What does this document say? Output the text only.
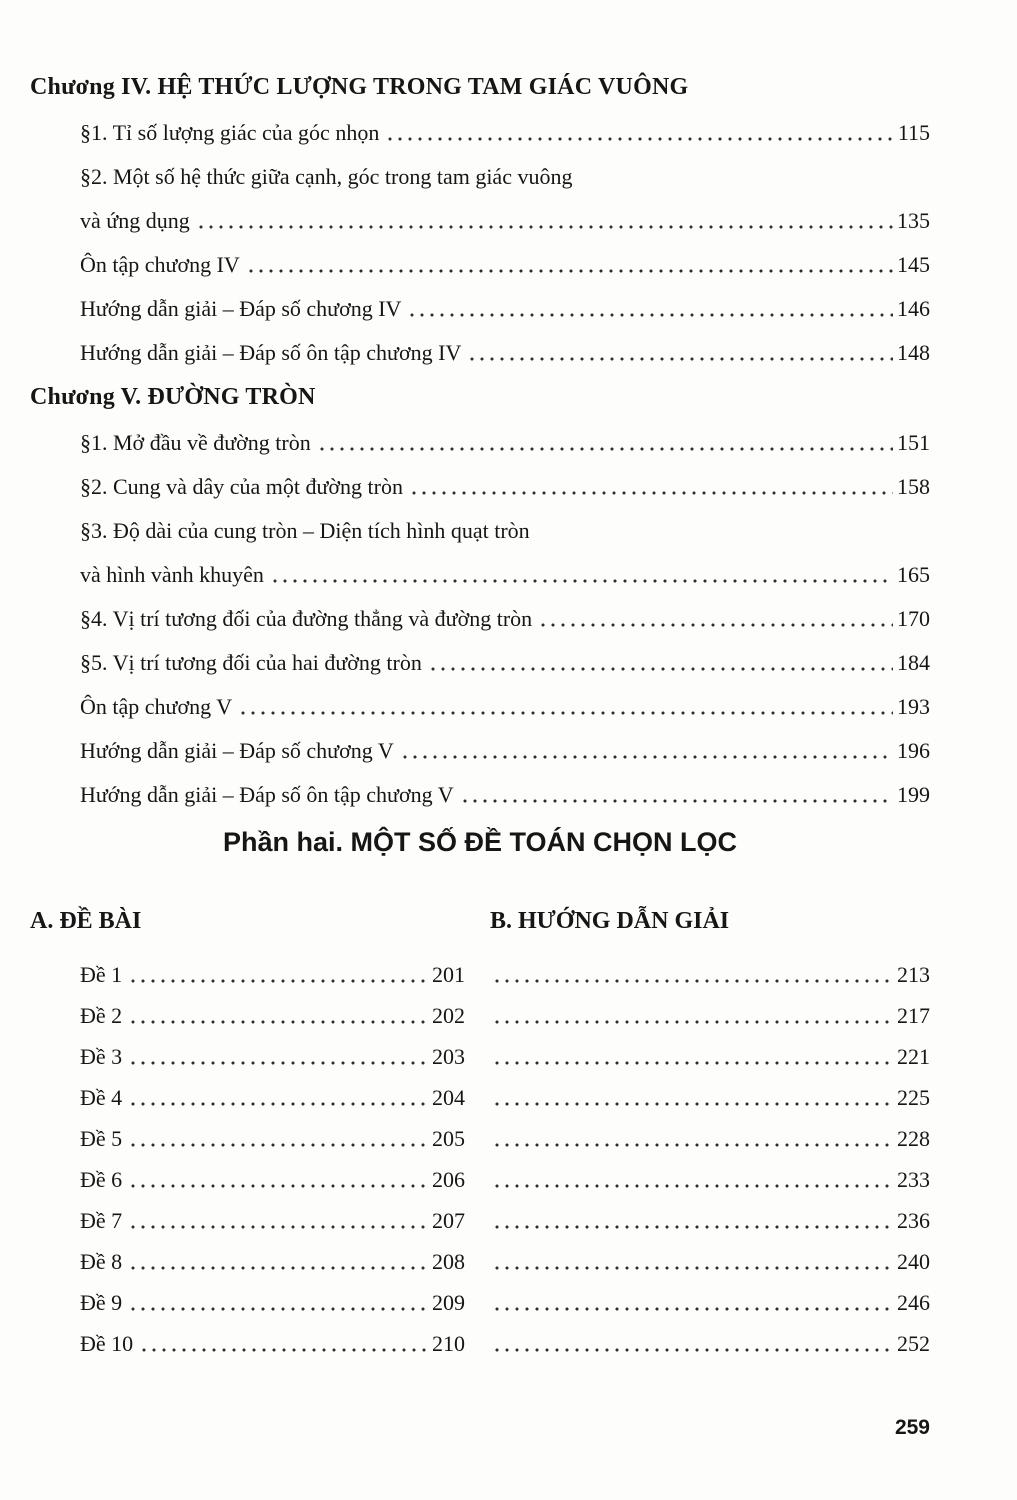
Chương IV. HỆ THỨC LƯỢNG TRONG TAM GIÁC VUÔNG
§1. Tỉ số lượng giác của góc nhọn	115
§2. Một số hệ thức giữa cạnh, góc trong tam giác vuông
và ứng dụng	135
Ôn tập chương IV	145
Hướng dẫn giải – Đáp số chương IV	146
Hướng dẫn giải – Đáp số ôn tập chương IV	148
Chương V. ĐƯỜNG TRÒN
§1. Mở đầu về đường tròn	151
§2. Cung và dây của một đường tròn	158
§3. Độ dài của cung tròn – Diện tích hình quạt tròn
và hình vành khuyên	165
§4. Vị trí tương đối của đường thẳng và đường tròn	170
§5. Vị trí tương đối của hai đường tròn	184
Ôn tập chương V	193
Hướng dẫn giải – Đáp số chương V	196
Hướng dẫn giải – Đáp số ôn tập chương V	199
Phần hai. MỘT SỐ ĐỀ TOÁN CHỌN LỌC
A. ĐỀ BÀI	B. HƯỚNG DẪN GIẢI
Đề 1	201	213
Đề 2	202	217
Đề 3	203	221
Đề 4	204	225
Đề 5	205	228
Đề 6	206	233
Đề 7	207	236
Đề 8	208	240
Đề 9	209	246
Đề 10	210	252
259
